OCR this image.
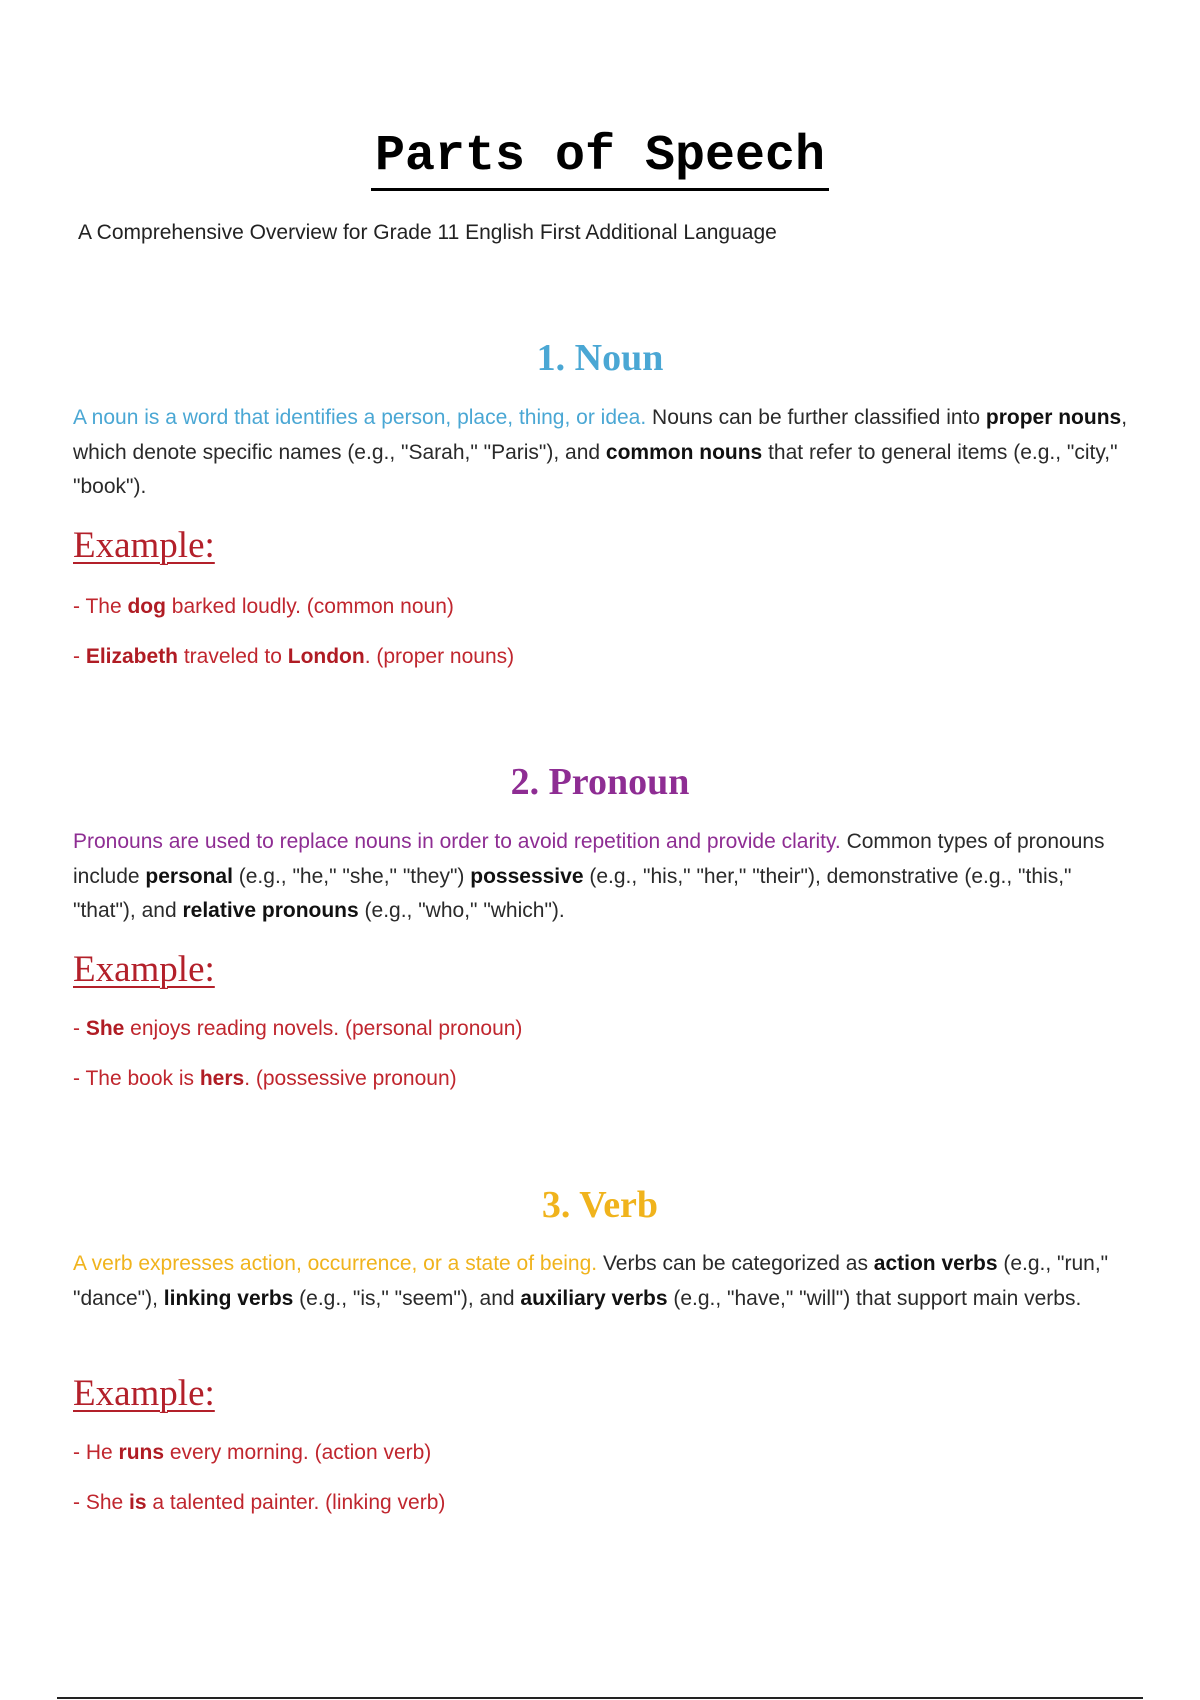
Parts of Speech
A Comprehensive Overview for Grade 11 English First Additional Language
1. Noun

A noun is a word that identifies a person, place, thing, or idea. Nouns can be further classified into proper nouns, which denote specific names (e.g., "Sarah," "Paris"), and common nouns that refer to general items (e.g., "city," "book").

Example:
- The dog barked loudly. (common noun)
- Elizabeth traveled to London. (proper nouns)
2. Pronoun

Pronouns are used to replace nouns in order to avoid repetition and provide clarity. Common types of pronouns include personal (e.g., "he," "she," "they") possessive (e.g., "his," "her," "their"), demonstrative (e.g., "this," "that"), and relative pronouns (e.g., "who," "which").

Example:
- She enjoys reading novels. (personal pronoun)
- The book is hers. (possessive pronoun)
3. Verb

A verb expresses action, occurrence, or a state of being. Verbs can be categorized as action verbs (e.g., "run," "dance"), linking verbs (e.g., "is," "seem"), and auxiliary verbs (e.g., "have," "will") that support main verbs.

Example:
- He runs every morning. (action verb)
- She is a talented painter. (linking verb)
